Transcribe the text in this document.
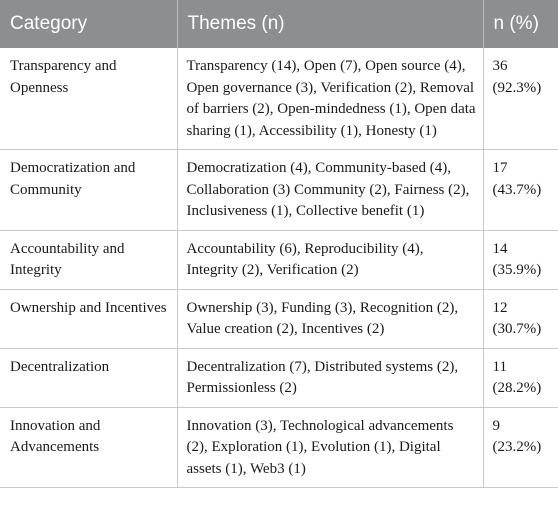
Category	Themes (n)	n (%)
Transparency and Openness	Transparency (14), Open (7), Open source (4), Open governance (3), Verification (2), Removal of barriers (2), Open-mindedness (1), Open data sharing (1), Accessibility (1), Honesty (1)	36 (92.3%)
Democratization and Community	Democratization (4), Community-based (4), Collaboration (3) Community (2), Fairness (2), Inclusiveness (1), Collective benefit (1)	17 (43.7%)
Accountability and Integrity	Accountability (6), Reproducibility (4), Integrity (2), Verification (2)	14 (35.9%)
Ownership and Incentives	Ownership (3), Funding (3), Recognition (2), Value creation (2), Incentives (2)	12 (30.7%)
Decentralization	Decentralization (7), Distributed systems (2), Permissionless (2)	11 (28.2%)
Innovation and Advancements	Innovation (3), Technological advancements (2), Exploration (1), Evolution (1), Digital assets (1), Web3 (1)	9 (23.2%)
